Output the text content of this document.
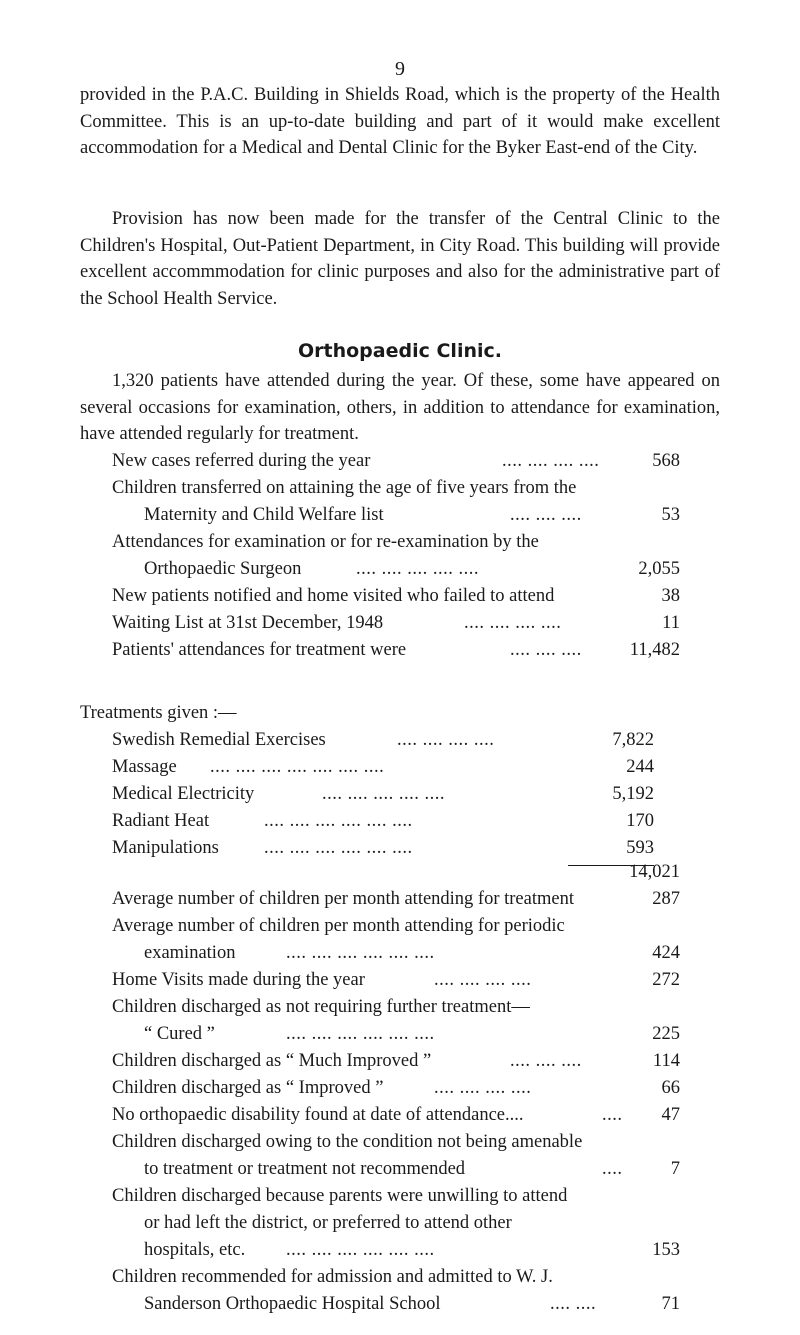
9

provided in the P.A.C. Building in Shields Road, which is the property of the Health Committee. This is an up-to-date building and part of it would make excellent accommodation for a Medical and Dental Clinic for the Byker East-end of the City.

Provision has now been made for the transfer of the Central Clinic to the Children's Hospital, Out-Patient Department, in City Road. This building will provide excellent accommmodation for clinic purposes and also for the administrative part of the School Health Service.

Orthopaedic Clinic.

1,320 patients have attended during the year. Of these, some have appeared on several occasions for examination, others, in addition to attendance for examination, have attended regularly for treatment.

New cases referred during the year	.... .... .... ....	568
Children transferred on attaining the age of five years from the
Maternity and Child Welfare list	.... .... ....	53
Attendances for examination or for re-examination by the
Orthopaedic Surgeon	.... .... .... .... ....	2,055
New patients notified and home visited who failed to attend	38
Waiting List at 31st December, 1948	.... .... .... ....	11
Patients' attendances for treatment were	.... .... ....	11,482
Treatments given :—
Swedish Remedial Exercises	.... .... .... ....	7,822
Massage .... .... .... .... .... .... ....	244
Medical Electricity	.... .... .... .... ....	5,192
Radiant Heat	.... .... .... .... .... ....	170
Manipulations .... .... .... .... .... ....	593
14,021
Average number of children per month attending for treatment	287
Average number of children per month attending for periodic
examination	.... .... .... .... .... ....	424
Home Visits made during the year	.... .... .... ....	272
Children discharged as not requiring further treatment—
“ Cured ”	.... .... .... .... .... ....	225
Children discharged as “ Much Improved ”	.... .... ....	114
Children discharged as “ Improved ”	.... .... .... ....	66
No orthopaedic disability found at date of attendance....	.... 47
Children discharged owing to the condition not being amenable
to treatment or treatment not recommended	....	7
Children discharged because parents were unwilling to attend
or had left the district, or preferred to attend other
hospitals, etc. .... .... .... .... .... ....	153
Children recommended for admission and admitted to W. J.
Sanderson Orthopaedic Hospital School	.... ....	71
